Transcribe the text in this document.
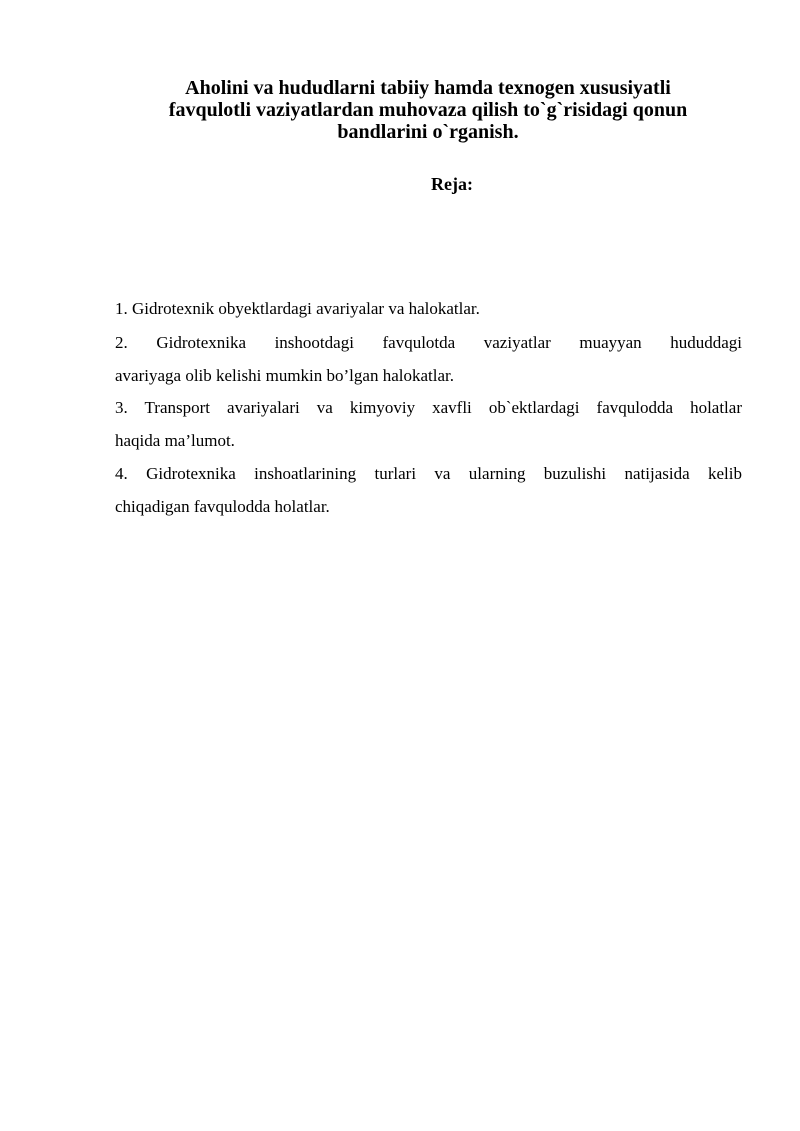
Aholini va hududlarni tabiiy hamda texnogen xususiyatli
favqulotli vaziyatlardan muhovaza qilish to`g`risidagi qonun
bandlarini o`rganish.
Reja:
1. Gidrotexnik obyektlardagi avariyalar va halokatlar.
2. Gidrotexnika inshootdagi favqulotda vaziyatlar muayyan hududdagi
avariyaga olib kelishi mumkin bo’lgan halokatlar.
3. Transport avariyalari va kimyoviy xavfli ob`ektlardagi favqulodda holatlar
haqida ma’lumot.
4. Gidrotexnika inshoatlarining turlari va ularning buzulishi natijasida kelib
chiqadigan favqulodda holatlar.
